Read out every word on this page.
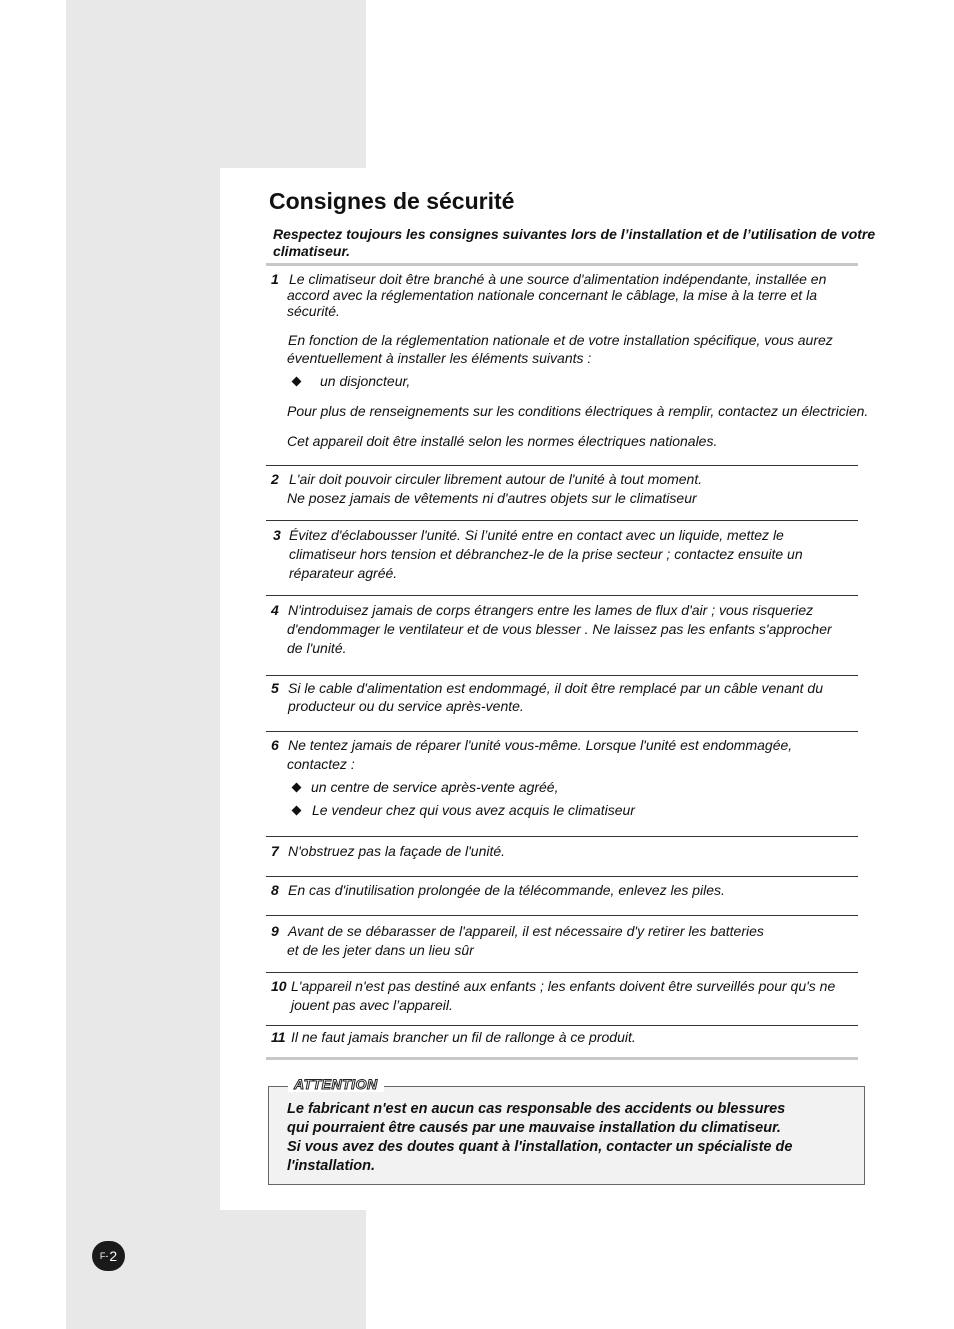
Consignes de sécurité

Respectez toujours les consignes suivantes lors de l’installation et de l’utilisation de votre climatiseur.

1 Le climatiseur doit être branché à une source d'alimentation indépendante, installée en
accord avec la réglementation nationale concernant le câblage, la mise à la terre et la
sécurité.
En fonction de la réglementation nationale et de votre installation spécifique, vous aurez
éventuellement à installer les éléments suivants :
un disjoncteur,
Pour plus de renseignements sur les conditions électriques à remplir, contactez un électricien.
Cet appareil doit être installé selon les normes électriques nationales.
2 L'air doit pouvoir circuler librement autour de l'unité à tout moment.
Ne posez jamais de vêtements ni d'autres objets sur le climatiseur
3 Évitez d'éclabousser l'unité. Si l’unité entre en contact avec un liquide, mettez le
climatiseur hors tension et débranchez-le de la prise secteur ; contactez ensuite un
réparateur agréé.
4 N'introduisez jamais de corps étrangers entre les lames de flux d'air ; vous risqueriez
d'endommager le ventilateur et de vous blesser . Ne laissez pas les enfants s'approcher
de l'unité.
5 Si le cable d'alimentation est endommagé, il doit être remplacé par un câble venant du
producteur ou du service après-vente.
6 Ne tentez jamais de réparer l'unité vous-même. Lorsque l'unité est endommagée,
contactez :
un centre de service après-vente agréé,
Le vendeur chez qui vous avez acquis le climatiseur
7 N'obstruez pas la façade de l'unité.
8 En cas d'inutilisation prolongée de la télécommande, enlevez les piles.
9 Avant de se débarasser de l'appareil, il est nécessaire d'y retirer les batteries
et de les jeter dans un lieu sûr
10 L'appareil n'est pas destiné aux enfants ; les enfants doivent être surveillés pour qu's ne
jouent pas avec l’appareil.
11 Il ne faut jamais brancher un fil de rallonge à ce produit.
ATTENTION
Le fabricant n'est en aucun cas responsable des accidents ou blessures
qui pourraient être causés par une mauvaise installation du climatiseur.
Si vous avez des doutes quant à l'installation, contacter un spécialiste de
l'installation.
F- 2
